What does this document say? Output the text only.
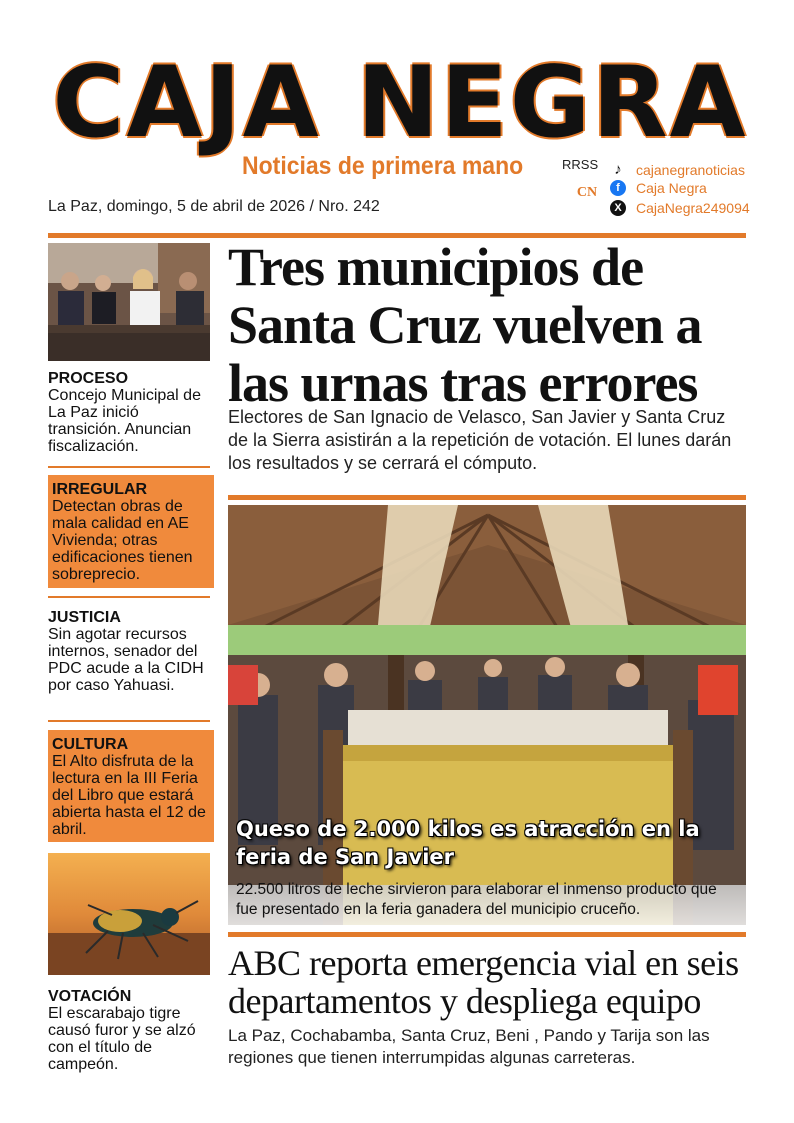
CAJA NEGRA
Noticias de primera mano
La Paz, domingo, 5 de abril de 2026 / Nro. 242
RRSS
CN
♪	cajanegranoticias
f	Caja Negra
X	CajaNegra249094
PROCESO
Concejo Municipal de La Paz inició transición. Anuncian fiscalización.
IRREGULAR
Detectan obras de mala calidad en AE Vivienda; otras edificaciones tienen sobreprecio.
JUSTICIA
Sin agotar recursos internos, senador del PDC acude a la CIDH por caso Yahuasi.
CULTURA
El Alto disfruta de la lectura en la III Feria del Libro que estará abierta hasta el 12 de abril.
VOTACIÓN
El escarabajo tigre causó furor y se alzó con el título de campeón.
Tres municipios de Santa Cruz vuelven a las urnas tras errores
Electores de San Ignacio de Velasco, San Javier y Santa Cruz de la Sierra asistirán a la repetición de votación. El lunes darán los resultados y se cerrará el cómputo.
Queso de 2.000 kilos es atracción en la feria de San Javier
22.500 litros de leche sirvieron para elaborar el inmenso producto que fue presentado en la feria ganadera del municipio cruceño.
ABC reporta emergencia vial en seis departamentos y despliega equipo
La Paz, Cochabamba, Santa Cruz, Beni , Pando y Tarija son las regiones que tienen interrumpidas algunas carreteras.
